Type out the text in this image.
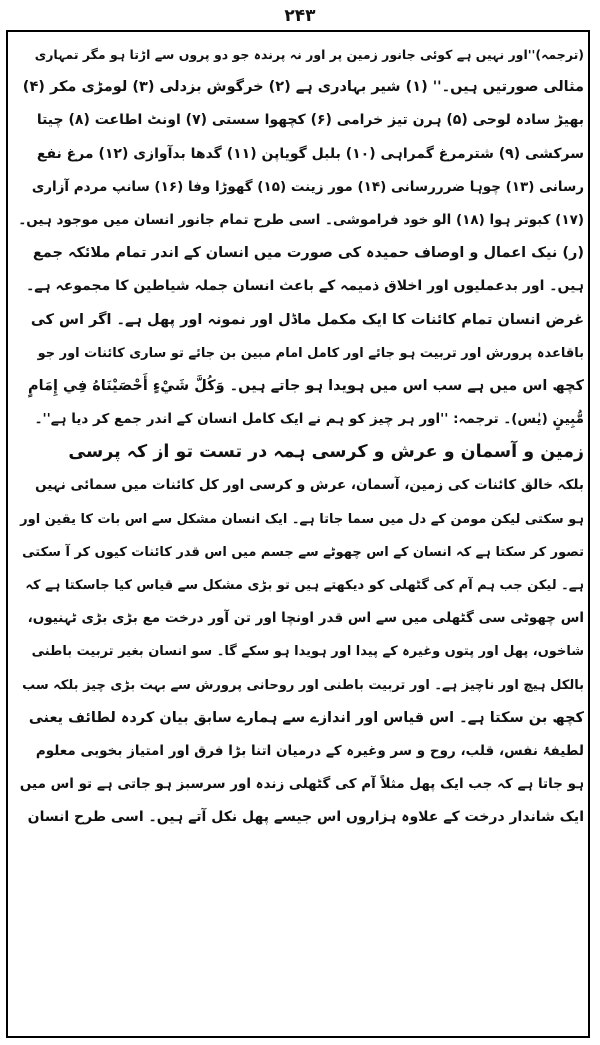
۲۴۳
(ترجمہ)''اور نہیں ہے کوئی جانور زمین پر اور نہ پرندہ جو دو پروں سے اڑتا ہو مگر تمہاری
مثالی صورتیں ہیں۔'' (۱) شیر بہادری ہے (۲) خرگوش بزدلی (۳) لومڑی مکر (۴)
بھیڑ سادہ لوحی (۵) ہرن تیز خرامی (۶) کچھوا سستی (۷) اونٹ اطاعت (۸) چیتا
سرکشی (۹) شترمرغ گمراہی (۱۰) بلبل گویاپن (۱۱) گدھا بدآوازی (۱۲) مرغ نفع
رسانی (۱۳) چوہا ضرررسانی (۱۴) مور زینت (۱۵) گھوڑا وفا (۱۶) سانپ مردم آزاری
(۱۷) کبوتر ہوا (۱۸) الو خود فراموشی۔ اسی طرح تمام جانور انسان میں موجود ہیں۔
(ر) نیک اعمال و اوصاف حمیدہ کی صورت میں انسان کے اندر تمام ملائکہ جمع
ہیں۔ اور بدعملیوں اور اخلاق ذمیمہ کے باعث انسان جملہ شیاطین کا مجموعہ ہے۔
غرض انسان تمام کائنات کا ایک مکمل ماڈل اور نمونہ اور پھل ہے۔ اگر اس کی
باقاعدہ پرورش اور تربیت ہو جائے اور کامل امام مبین بن جائے تو ساری کائنات اور جو
کچھ اس میں ہے سب اس میں ہویدا ہو جاتے ہیں۔ وَكُلَّ شَيْءٍ أَحْصَيْنَاهُ فِي إِمَامٍ
مُّبِينٍ (یٰس)۔ ترجمہ: ''اور ہر چیز کو ہم نے ایک کامل انسان کے اندر جمع کر دیا ہے''۔
زمین و آسمان و عرش و کرسی ہمہ در تست تو از کہ پرسی
بلکہ خالق کائنات کی زمین، آسمان، عرش و کرسی اور کل کائنات میں سمائی نہیں
ہو سکتی لیکن مومن کے دل میں سما جاتا ہے۔ ایک انسان مشکل سے اس بات کا یقین اور
تصور کر سکتا ہے کہ انسان کے اس چھوٹے سے جسم میں اس قدر کائنات کیوں کر آ سکتی
ہے۔ لیکن جب ہم آم کی گٹھلی کو دیکھتے ہیں تو بڑی مشکل سے قیاس کیا جاسکتا ہے کہ
اس چھوٹی سی گٹھلی میں سے اس قدر اونچا اور تن آور درخت مع بڑی بڑی ٹہنیوں،
شاخوں، پھل اور پتوں وغیرہ کے پیدا اور ہویدا ہو سکے گا۔ سو انسان بغیر تربیت باطنی
بالکل ہیچ اور ناچیز ہے۔ اور تربیت باطنی اور روحانی پرورش سے بہت بڑی چیز بلکہ سب
کچھ بن سکتا ہے۔ اس قیاس اور اندازے سے ہمارے سابق بیان کردہ لطائف یعنی
لطیفۂ نفس، قلب، روح و سر وغیرہ کے درمیان اتنا بڑا فرق اور امتیاز بخوبی معلوم
ہو جاتا ہے کہ جب ایک پھل مثلاً آم کی گٹھلی زندہ اور سرسبز ہو جاتی ہے تو اس میں
ایک شاندار درخت کے علاوہ ہزاروں اس جیسے پھل نکل آتے ہیں۔ اسی طرح انسان
